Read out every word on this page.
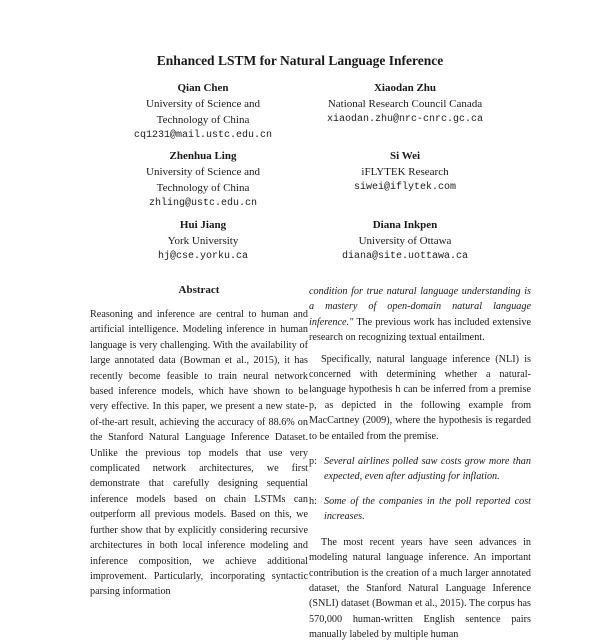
Enhanced LSTM for Natural Language Inference
Qian Chen
University of Science and
Technology of China
cq1231@mail.ustc.edu.cn
Xiaodan Zhu
National Research Council Canada
xiaodan.zhu@nrc-cnrc.gc.ca
Zhenhua Ling
University of Science and
Technology of China
zhling@ustc.edu.cn
Si Wei
iFLYTEK Research
siwei@iflytek.com
Hui Jiang
York University
hj@cse.yorku.ca
Diana Inkpen
University of Ottawa
diana@site.uottawa.ca
Abstract

Reasoning and inference are central to human and artificial intelligence. Modeling inference in human language is very challenging. With the availability of large annotated data (Bowman et al., 2015), it has recently become feasible to train neural network based inference models, which have shown to be very effective. In this paper, we present a new state-of-the-art result, achieving the accuracy of 88.6% on the Stanford Natural Language Inference Dataset. Unlike the previous top models that use very complicated network architectures, we first demonstrate that carefully designing sequential inference models based on chain LSTMs can outperform all previous models. Based on this, we further show that by explicitly considering recursive architectures in both local inference modeling and inference composition, we achieve additional improvement. Particularly, incorporating syntactic parsing information

condition for true natural language understanding is a mastery of open-domain natural language inference." The previous work has included extensive research on recognizing textual entailment.

Specifically, natural language inference (NLI) is concerned with determining whether a natural-language hypothesis h can be inferred from a premise p, as depicted in the following example from MacCartney (2009), where the hypothesis is regarded to be entailed from the premise.

p: Several airlines polled saw costs grow more than expected, even after adjusting for inflation.

h: Some of the companies in the poll reported cost increases.

The most recent years have seen advances in modeling natural language inference. An important contribution is the creation of a much larger annotated dataset, the Stanford Natural Language Inference (SNLI) dataset (Bowman et al., 2015). The corpus has 570,000 human-written English sentence pairs manually labeled by multiple human
